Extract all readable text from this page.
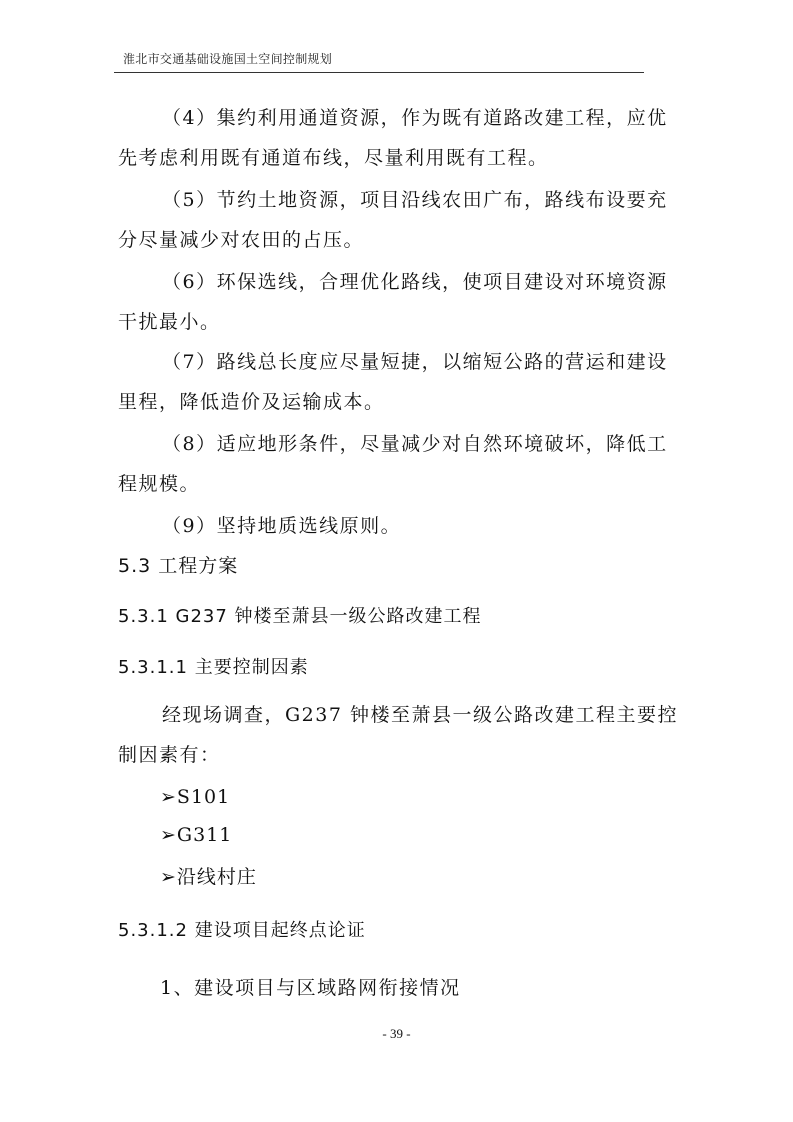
淮北市交通基础设施国土空间控制规划

（4）集约利用通道资源，作为既有道路改建工程，应优先考虑利用既有通道布线，尽量利用既有工程。

（5）节约土地资源，项目沿线农田广布，路线布设要充分尽量减少对农田的占压。

（6）环保选线，合理优化路线，使项目建设对环境资源干扰最小。

（7）路线总长度应尽量短捷，以缩短公路的营运和建设里程，降低造价及运输成本。

（8）适应地形条件，尽量减少对自然环境破坏，降低工程规模。

（9）坚持地质选线原则。

5.3 工程方案
5.3.1 G237 钟楼至萧县一级公路改建工程
5.3.1.1 主要控制因素

经现场调查，G237 钟楼至萧县一级公路改建工程主要控制因素有：

➢S101

➢G311

➢沿线村庄

5.3.1.2 建设项目起终点论证

1、建设项目与区域路网衔接情况

- 39 -
